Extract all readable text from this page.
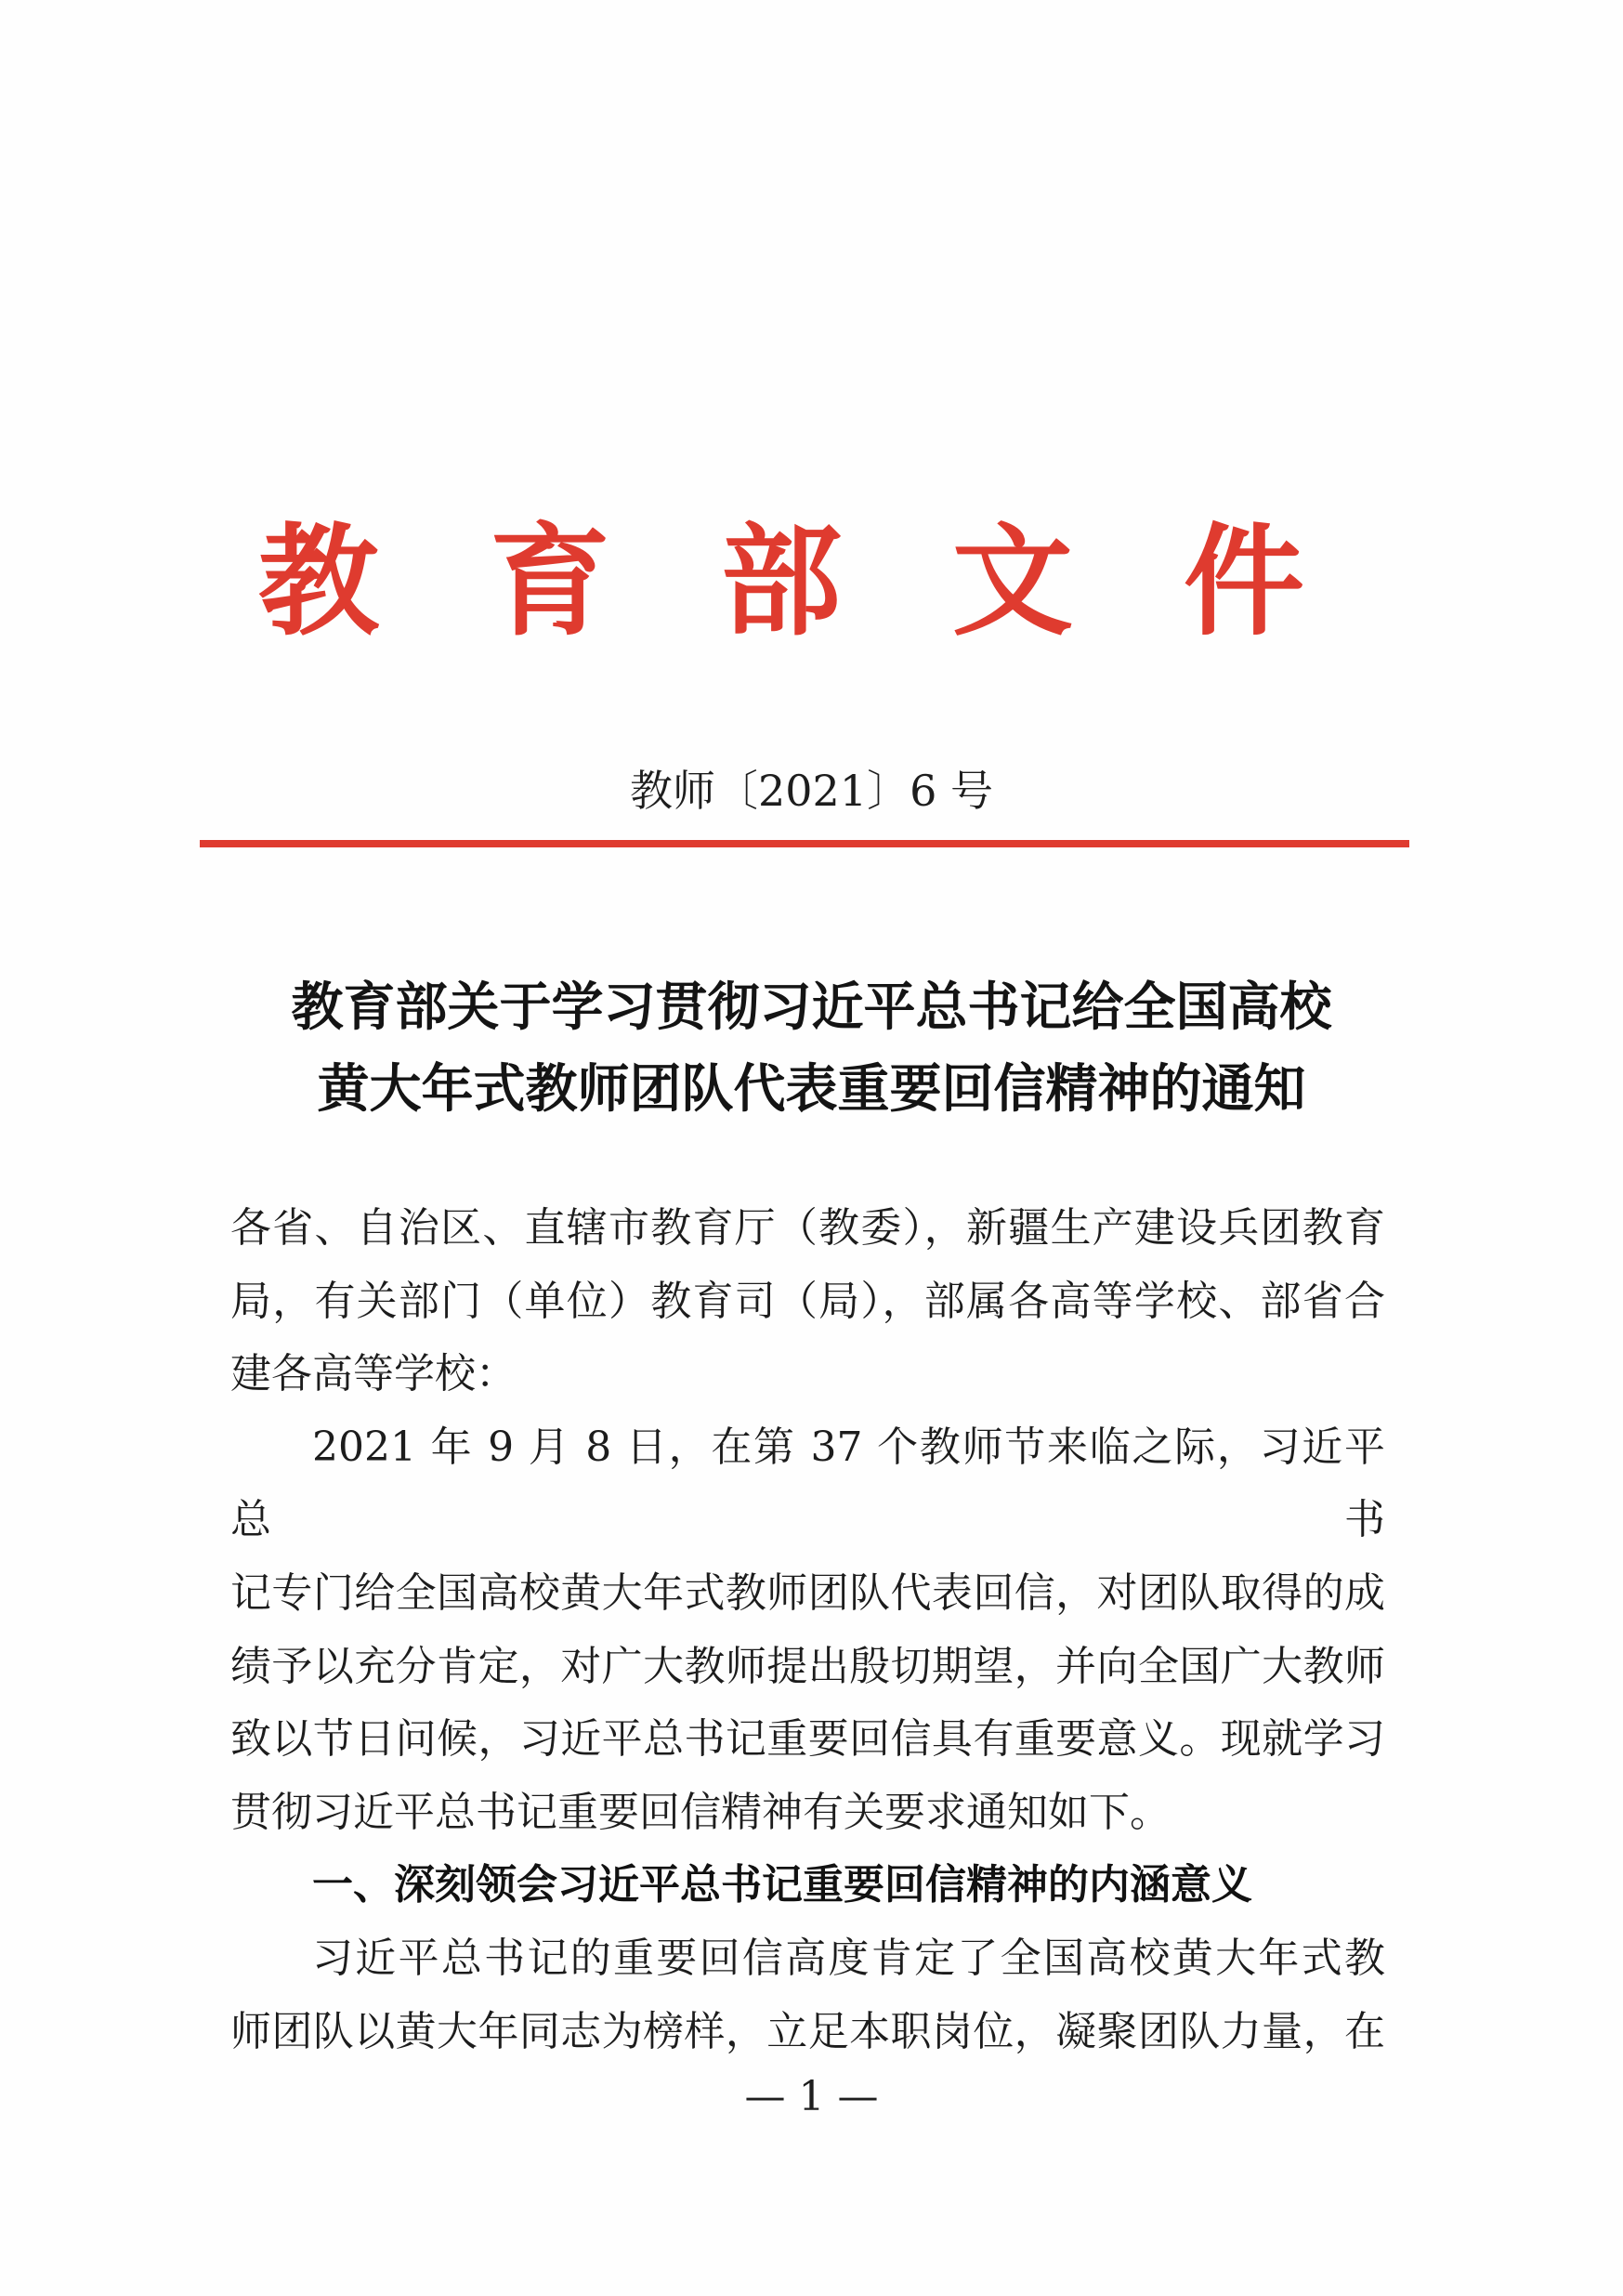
教 育 部 文 件
教师〔2021〕6 号
教育部关于学习贯彻习近平总书记给全国高校
黄大年式教师团队代表重要回信精神的通知
各省、自治区、直辖市教育厅（教委），新疆生产建设兵团教育
局，有关部门（单位）教育司（局），部属各高等学校、部省合
建各高等学校：
2021 年 9 月 8 日，在第 37 个教师节来临之际，习近平总书
记专门给全国高校黄大年式教师团队代表回信，对团队取得的成
绩予以充分肯定，对广大教师提出殷切期望，并向全国广大教师
致以节日问候，习近平总书记重要回信具有重要意义。现就学习
贯彻习近平总书记重要回信精神有关要求通知如下。
一、深刻领会习近平总书记重要回信精神的内涵意义
习近平总书记的重要回信高度肯定了全国高校黄大年式教
师团队以黄大年同志为榜样，立足本职岗位，凝聚团队力量，在
— 1 —
